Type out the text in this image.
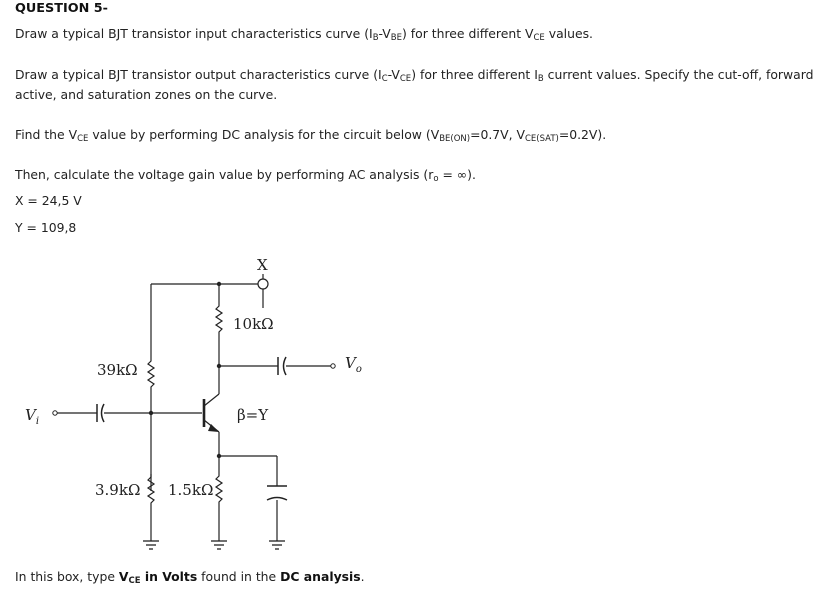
QUESTION 5-
Draw a typical BJT transistor input characteristics curve $(I_B-V_{BE})$ for three different $V_{CE}$ values.
Draw a typical BJT transistor output characteristics curve $(I_C-V_{CE})$ for three different $I_B$ current values. Specify the cut-off, forward
active, and saturation zones on the curve.
Find the $V_{CE}$ value by performing DC analysis for the circuit below ($V_{BE(ON)}=0.7V$, $V_{CE(SAT)}=0.2V$).
Then, calculate the voltage gain value by performing AC analysis ($r_o$ = ∞).
X = 24,5 V
Y = 109,8
X
10kΩ
39kΩ
β=Y
3.9kΩ 1.5kΩ
$V_o$
$V_i$
In this box, type $V_{CE}$ in Volts found in the DC analysis.
